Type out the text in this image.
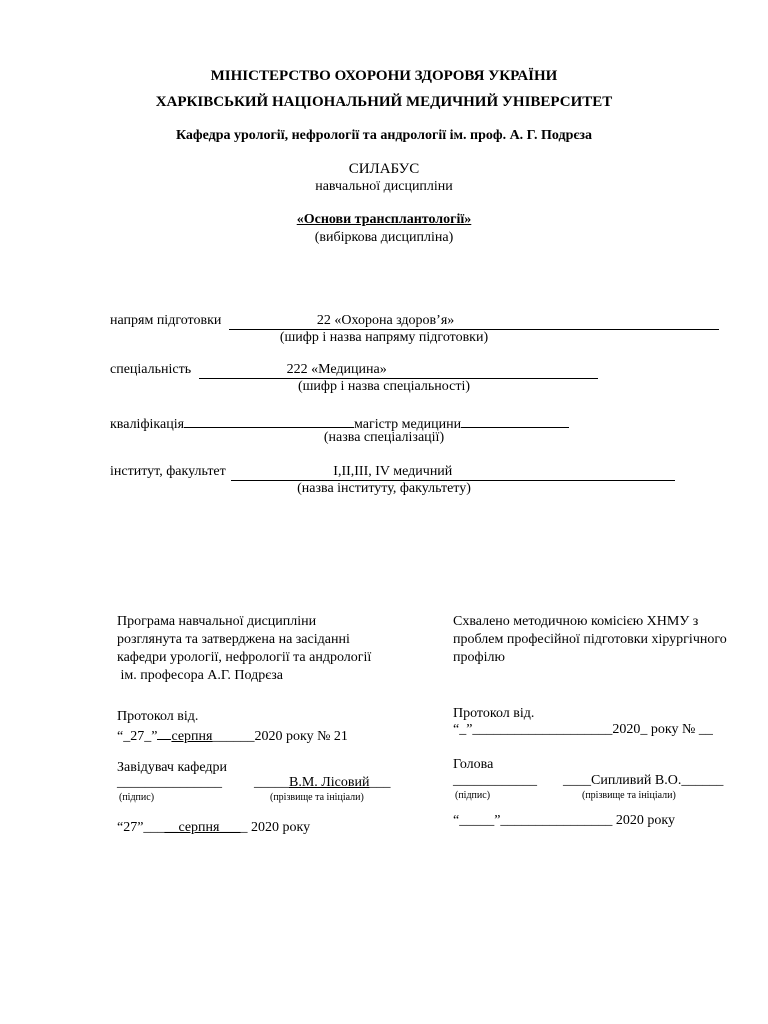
МІНІСТЕРСТВО ОХОРОНИ ЗДОРОВЯ УКРАЇНИ
ХАРКІВСЬКИЙ НАЦІОНАЛЬНИЙ МЕДИЧНИЙ УНІВЕРСИТЕТ
Кафедра урології, нефрології та андрології ім. проф. А. Г. Подрєза
СИЛАБУС
навчальної дисципліни
«Основи трансплантології»
(вибіркова дисципліна)
напрям підготовки	22 «Охорона здоров’я»
(шифр і назва напряму підготовки)
спеціальність	222 «Медицина»
(шифр і назва спеціальності)
кваліфікація	магістр медицини
(назва спеціалізації)
інститут, факультет	I,II,III, IV медичний
(назва інституту, факультету)
Програма навчальної дисципліни
розглянута та затверджена на засіданні
кафедри урології, нефрології та андрології
ім. професора А.Г. Подрєза
Протокол від.
“_27_” серпня______2020 року № 21
Завідувач кафедри
_______________ _____В.М. Лісовий___
(підпис)	(прізвище та ініціали)
“27”_____серпня____ 2020 року
Схвалено методичною комісією ХНМУ з
проблем професійної підготовки хірургічного
профілю
Протокол від.
“_”____________________2020_ року № __
Голова
____________ ____Сипливий В.О.______
(підпис)	(прізвище та ініціали)
“_____”________________ 2020 року
